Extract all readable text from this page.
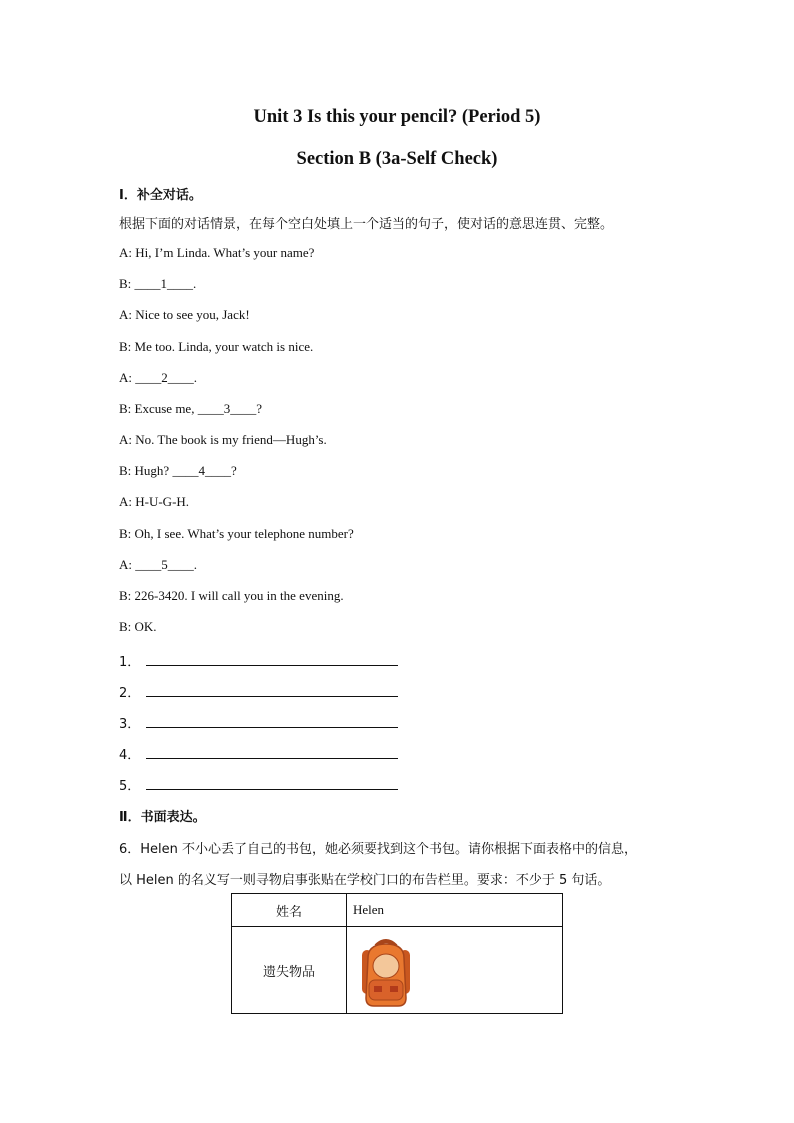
Unit 3 Is this your pencil? (Period 5)
Section B (3a-Self Check)
Ⅰ．补全对话。
根据下面的对话情景，在每个空白处填上一个适当的句子，使对话的意思连贯、完整。
A: Hi, I’m Linda. What’s your name?
B: ____1____.
A: Nice to see you, Jack!
B: Me too. Linda, your watch is nice.
A: ____2____.
B: Excuse me, ____3____?
A: No. The book is my friend—Hugh’s.
B: Hugh? ____4____?
A: H-U-G-H.
B: Oh, I see. What’s your telephone number?
A: ____5____.
B: 226-3420. I will call you in the evening.
B: OK.
1．
2．
3．
4．
5．
Ⅱ．书面表达。
6．Helen 不小心丢了自己的书包，她必须要找到这个书包。请你根据下面表格中的信息，
以 Helen 的名义写一则寻物启事张贴在学校门口的布告栏里。要求：不少于 5 句话。
姓名	Helen
遗失物品	
